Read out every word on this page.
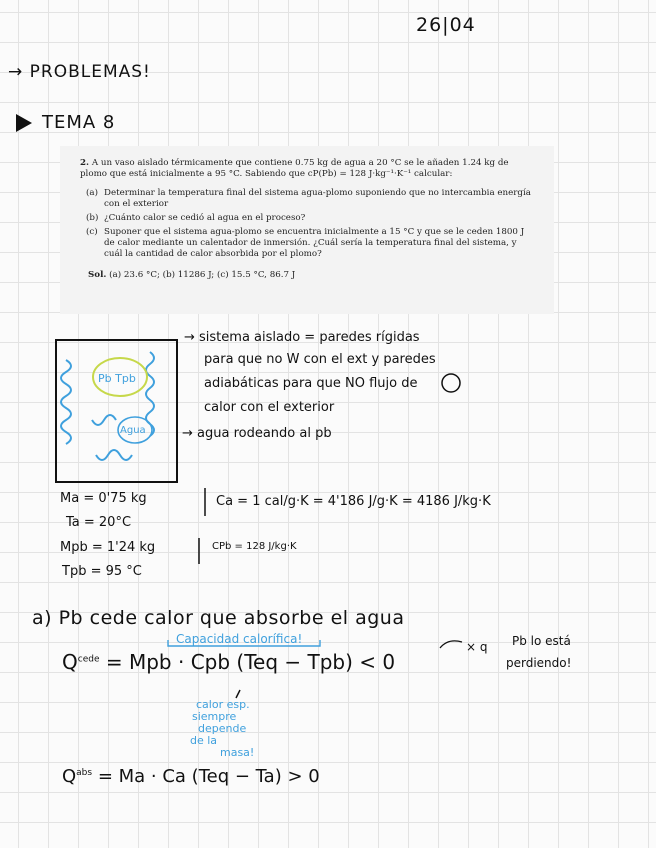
26|04
→ PROBLEMAS!
TEMA 8

2. A un vaso aislado térmicamente que contiene 0.75 kg de agua a 20 °C se le añaden 1.24 kg de plomo que está inicialmente a 95 °C. Sabiendo que cP(Pb) = 128 J·kg⁻¹·K⁻¹ calcular:

(a) Determinar la temperatura final del sistema agua-plomo suponiendo que no intercambia energía con el exterior
(b) ¿Cuánto calor se cedió al agua en el proceso?
(c) Suponer que el sistema agua-plomo se encuentra inicialmente a 15 °C y que se le ceden 1800 J de calor mediante un calentador de inmersión. ¿Cuál sería la temperatura final del sistema, y cuál la cantidad de calor absorbida por el plomo?
Sol. (a) 23.6 °C; (b) 11286 J; (c) 15.5 °C, 86.7 J
→ sistema aislado = paredes rígidas
para que no W con el ext y paredes
adiabáticas para que NO flujo de
calor con el exterior
→ agua rodeando al pb
Pb Tpb
Agua
Ma = 0'75 kg
Ta = 20°C
Mpb = 1'24 kg
Tpb = 95 °C
Ca = 1 cal/g·K = 4'186 J/g·K = 4186 J/kg·K
CPb = 128 J/kg·K
a) Pb cede calor que absorbe el agua
Capacidad calorífica!
$Q^{cede}$ = Mpb · Cpb (Teq − Tpb) < 0
× q Pb lo está
perdiendo!
calor esp.
siempre
depende
de la
masa!
$Q^{abs} = Ma \cdot Ca$ (Teq − Ta) > 0
